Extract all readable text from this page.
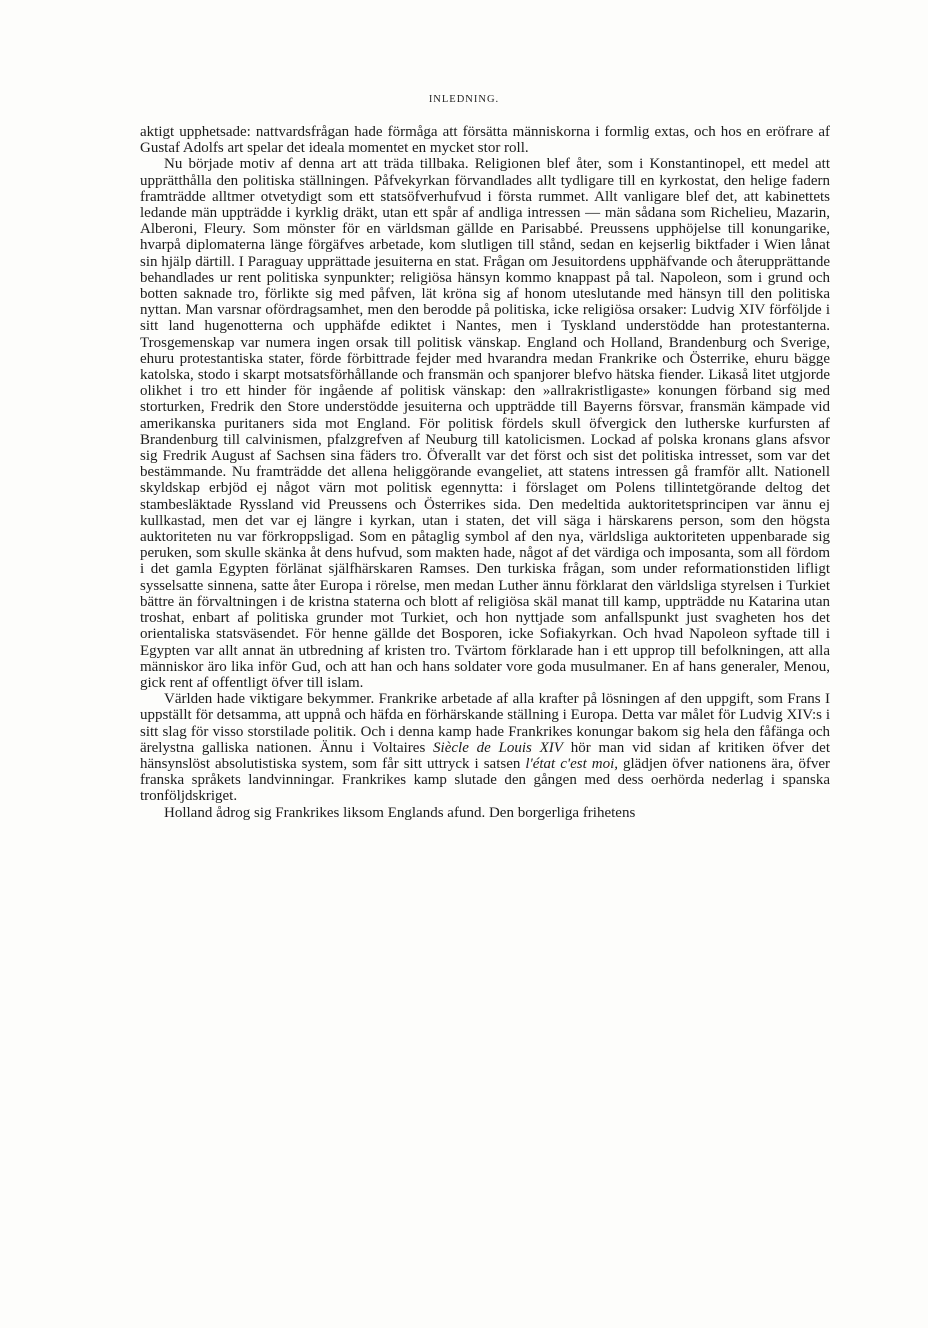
INLEDNING.

aktigt upphetsade: nattvardsfrågan hade förmåga att försätta människorna i formlig extas, och hos en eröfrare af Gustaf Adolfs art spelar det ideala momentet en mycket stor roll.

Nu började motiv af denna art att träda tillbaka. Religionen blef åter, som i Konstantinopel, ett medel att upprätthålla den politiska ställningen. Påfvekyrkan förvandlades allt tydligare till en kyrkostat, den helige fadern framträdde alltmer otvetydigt som ett statsöfverhufvud i första rummet. Allt vanligare blef det, att kabinettets ledande män uppträdde i kyrklig dräkt, utan ett spår af andliga intressen — män sådana som Richelieu, Mazarin, Alberoni, Fleury. Som mönster för en världsman gällde en Parisabbé. Preussens upphöjelse till konungarike, hvarpå diplomaterna länge förgäfves arbetade, kom slutligen till stånd, sedan en kejserlig biktfader i Wien lånat sin hjälp därtill. I Paraguay upprättade jesuiterna en stat. Frågan om Jesuitordens upphäfvande och återupprättande behandlades ur rent politiska synpunkter; religiösa hänsyn kommo knappast på tal. Napoleon, som i grund och botten saknade tro, förlikte sig med påfven, lät kröna sig af honom uteslutande med hänsyn till den politiska nyttan. Man varsnar ofördragsamhet, men den berodde på politiska, icke religiösa orsaker: Ludvig XIV förföljde i sitt land hugenotterna och upphäfde ediktet i Nantes, men i Tyskland understödde han protestanterna. Trosgemenskap var numera ingen orsak till politisk vänskap. England och Holland, Brandenburg och Sverige, ehuru protestantiska stater, förde förbittrade fejder med hvarandra medan Frankrike och Österrike, ehuru bägge katolska, stodo i skarpt motsatsförhållande och fransmän och spanjorer blefvo hätska fiender. Likaså litet utgjorde olikhet i tro ett hinder för ingående af politisk vänskap: den »allrakristligaste» konungen förband sig med storturken, Fredrik den Store understödde jesuiterna och uppträdde till Bayerns försvar, fransmän kämpade vid amerikanska puritaners sida mot England. För politisk fördels skull öfvergick den lutherske kurfursten af Brandenburg till calvinismen, pfalzgrefven af Neuburg till katolicismen. Lockad af polska kronans glans afsvor sig Fredrik August af Sachsen sina fäders tro. Öfverallt var det först och sist det politiska intresset, som var det bestämmande. Nu framträdde det allena heliggörande evangeliet, att statens intressen gå framför allt. Nationell skyldskap erbjöd ej något värn mot politisk egennytta: i förslaget om Polens tillintetgörande deltog det stambesläktade Ryssland vid Preussens och Österrikes sida. Den medeltida auktoritetsprincipen var ännu ej kullkastad, men det var ej längre i kyrkan, utan i staten, det vill säga i härskarens person, som den högsta auktoriteten nu var förkroppsligad. Som en påtaglig symbol af den nya, världsliga auktoriteten uppenbarade sig peruken, som skulle skänka åt dens hufvud, som makten hade, något af det värdiga och imposanta, som all fördom i det gamla Egypten förlänat själfhärskaren Ramses. Den turkiska frågan, som under reformationstiden lifligt sysselsatte sinnena, satte åter Europa i rörelse, men medan Luther ännu förklarat den världsliga styrelsen i Turkiet bättre än förvaltningen i de kristna staterna och blott af religiösa skäl manat till kamp, uppträdde nu Katarina utan troshat, enbart af politiska grunder mot Turkiet, och hon nyttjade som anfallspunkt just svagheten hos det orientaliska statsväsendet. För henne gällde det Bosporen, icke Sofiakyrkan. Och hvad Napoleon syftade till i Egypten var allt annat än utbredning af kristen tro. Tvärtom förklarade han i ett upprop till befolkningen, att alla människor äro lika inför Gud, och att han och hans soldater vore goda musulmaner. En af hans generaler, Menou, gick rent af offentligt öfver till islam.

Världen hade viktigare bekymmer. Frankrike arbetade af alla krafter på lösningen af den uppgift, som Frans I uppställt för detsamma, att uppnå och häfda en förhärskande ställning i Europa. Detta var målet för Ludvig XIV:s i sitt slag för visso storstilade politik. Och i denna kamp hade Frankrikes konungar bakom sig hela den fåfänga och ärelystna galliska nationen. Ännu i Voltaires Siècle de Louis XIV hör man vid sidan af kritiken öfver det hänsynslöst absolutistiska system, som får sitt uttryck i satsen l'état c'est moi, glädjen öfver nationens ära, öfver franska språkets landvinningar. Frankrikes kamp slutade den gången med dess oerhörda nederlag i spanska tronföljdskriget.

Holland ådrog sig Frankrikes liksom Englands afund. Den borgerliga frihetens
